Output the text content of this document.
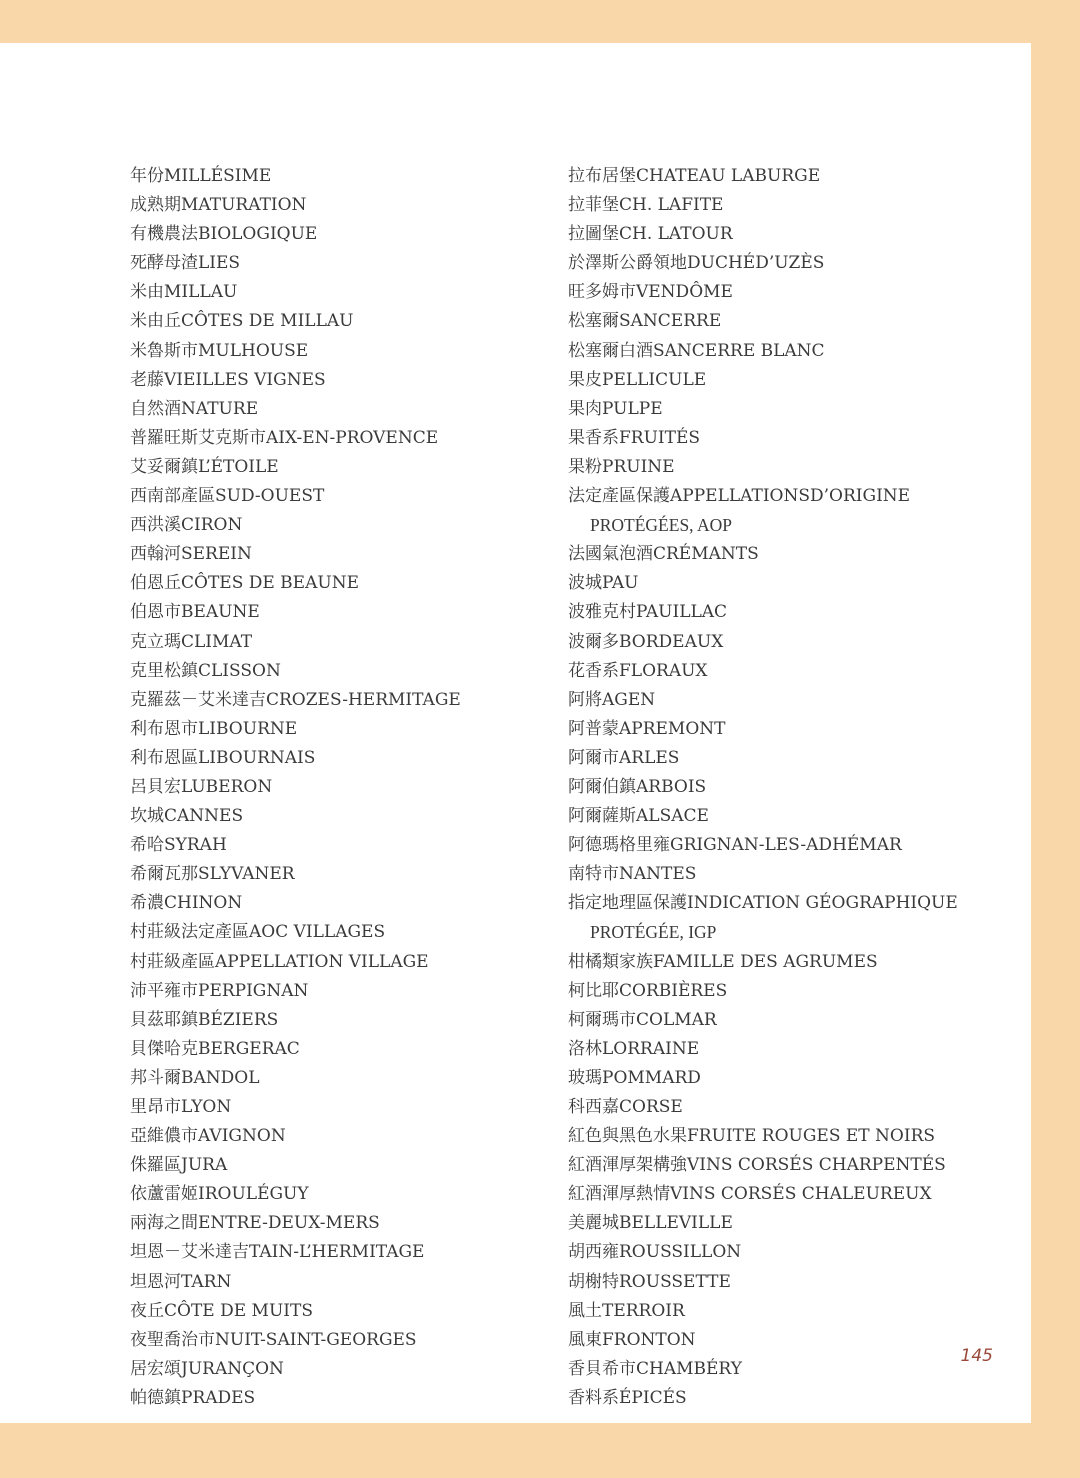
年份MILLÉSIME
成熟期MATURATION
有機農法BIOLOGIQUE
死酵母渣LIES
米由MILLAU
米由丘CÔTES DE MILLAU
米魯斯市MULHOUSE
老藤VIEILLES VIGNES
自然酒NATURE
普羅旺斯艾克斯市AIX-EN-PROVENCE
艾妥爾鎮L’ÉTOILE
西南部產區SUD-OUEST
西洪溪CIRON
西翰河SEREIN
伯恩丘CÔTES DE BEAUNE
伯恩市BEAUNE
克立瑪CLIMAT
克里松鎮CLISSON
克羅茲－艾米達吉CROZES-HERMITAGE
利布恩市LIBOURNE
利布恩區LIBOURNAIS
呂貝宏LUBERON
坎城CANNES
希哈SYRAH
希爾瓦那SLYVANER
希濃CHINON
村莊級法定產區AOC VILLAGES
村莊級產區APPELLATION VILLAGE
沛平雍市PERPIGNAN
貝茲耶鎮BÉZIERS
貝傑哈克BERGERAC
邦斗爾BANDOL
里昂市LYON
亞維儂市AVIGNON
侏羅區JURA
依蘆雷姬IROULÉGUY
兩海之間ENTRE-DEUX-MERS
坦恩－艾米達吉TAIN-L’HERMITAGE
坦恩河TARN
夜丘CÔTE DE MUITS
夜聖喬治市NUIT-SAINT-GEORGES
居宏頌JURANÇON
帕德鎮PRADES
拉布居堡CHATEAU LABURGE
拉菲堡CH. LAFITE
拉圖堡CH. LATOUR
於澤斯公爵領地DUCHÉD’UZÈS
旺多姆市VENDÔME
松塞爾SANCERRE
松塞爾白酒SANCERRE BLANC
果皮PELLICULE
果肉PULPE
果香系FRUITÉS
果粉PRUINE
法定產區保護APPELLATIONSD’ORIGINE
PROTÉGÉES, AOP
法國氣泡酒CRÉMANTS
波城PAU
波雅克村PAUILLAC
波爾多BORDEAUX
花香系FLORAUX
阿將AGEN
阿普蒙APREMONT
阿爾市ARLES
阿爾伯鎮ARBOIS
阿爾薩斯ALSACE
阿德瑪格里雍GRIGNAN-LES-ADHÉMAR
南特市NANTES
指定地理區保護INDICATION GÉOGRAPHIQUE
PROTÉGÉE, IGP
柑橘類家族FAMILLE DES AGRUMES
柯比耶CORBIÈRES
柯爾瑪市COLMAR
洛林LORRAINE
玻瑪POMMARD
科西嘉CORSE
紅色與黑色水果FRUITE ROUGES ET NOIRS
紅酒渾厚架構強VINS CORSÉS CHARPENTÉS
紅酒渾厚熱情VINS CORSÉS CHALEUREUX
美麗城BELLEVILLE
胡西雍ROUSSILLON
胡榭特ROUSSETTE
風土TERROIR
風東FRONTON
香貝希市CHAMBÉRY
香料系ÉPICÉS
145
